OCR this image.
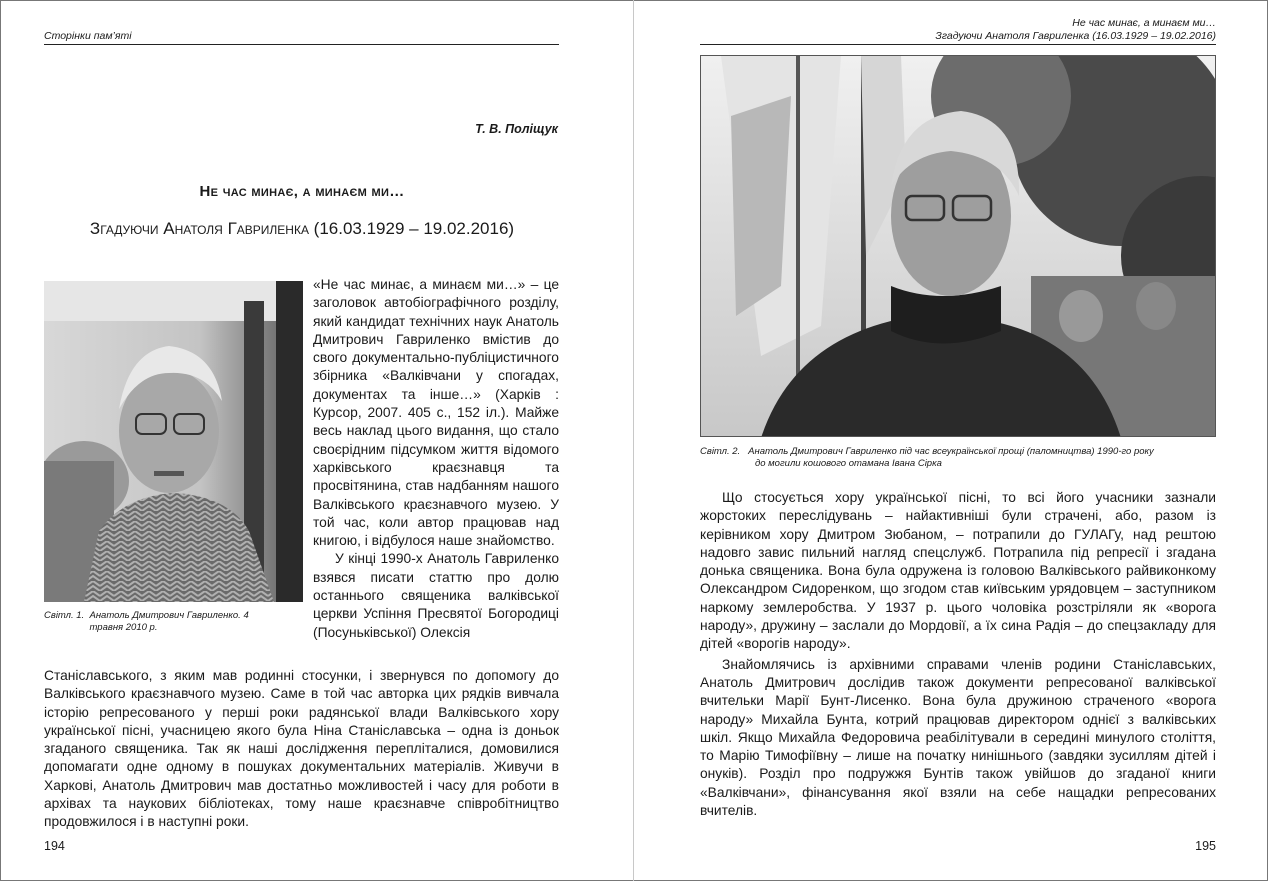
Сторінки пам’яті
Т. В. Поліщук
Не час минає, а минаєм ми…
Згадуючи Анатоля Гавриленка (16.03.1929 – 19.02.2016)
Світл. 1. Анатоль Дмитрович Гавриленко. 4 травня 2010 р.

«Не час минає, а минаєм ми…» – це заголовок автобіографічного розділу, який кандидат технічних наук Анатоль Дмитрович Гавриленко вмістив до свого документально-публіцистичного збірника «Валківчани у спогадах, документах та інше…» (Харків : Курсор, 2007. 405 с., 152 іл.). Майже весь наклад цього видання, що стало своєрідним підсумком життя відомого харківського краєзнавця та просвітянина, став надбанням нашого Валківського краєзнавчого музею. У той час, коли автор працював над книгою, і відбулося наше знайомство.

У кінці 1990-х Анатоль Гавриленко взявся писати статтю про долю останнього священика валківської церкви Успіння Пресвятої Богородиці (Посуньківської) Олексія

Станіславського, з яким мав родинні стосунки, і звернувся по допомогу до Валківського краєзнавчого музею. Саме в той час авторка цих рядків вивчала історію репресованого у перші роки радянської влади Валківського хору української пісні, учасницею якого була Ніна Станіславська – одна із доньок згаданого священика. Так як наші дослідження перепліталися, домовилися допомагати одне одному в пошуках документальних матеріалів. Живучи в Харкові, Анатоль Дмитрович мав достатньо можливостей і часу для роботи в архівах та наукових бібліотеках, тому наше краєзнавче співробітництво продовжилося і в наступні роки.

194
Не час минає, а минаєм ми…
Згадуючи Анатоля Гавриленка (16.03.1929 – 19.02.2016)
Світл. 2. Анатоль Дмитрович Гавриленко під час всеукраїнської прощі (паломництва) 1990-го року
до могили кошового отамана Івана Сірка

Що стосується хору української пісні, то всі його учасники зазнали жорстоких переслідувань – найактивніші були страчені, або, разом із керівником хору Дмитром Зюбаном, – потрапили до ГУЛАГу, над рештою надовго завис пильний нагляд спецслужб. Потрапила під репресії і згадана донька священика. Вона була одружена із головою Валківського райвиконкому Олександром Сидоренком, що згодом став київським урядовцем – заступником наркому землеробства. У 1937 р. цього чоловіка розстріляли як «ворога народу», дружину – заслали до Мордовії, а їх сина Радія – до спецзакладу для дітей «ворогів народу».

Знайомлячись із архівними справами членів родини Станіславських, Анатоль Дмитрович дослідив також документи репресованої валківської вчительки Марії Бунт-Лисенко. Вона була дружиною страченого «ворога народу» Михайла Бунта, котрий працював директором однієї з валківських шкіл. Якщо Михайла Федоровича реабілітували в середині минулого століття, то Марію Тимофіївну – лише на початку нинішнього (завдяки зусиллям дітей і онуків). Розділ про подружжя Бунтів також увійшов до згаданої книги «Валківчани», фінансування якої взяли на себе нащадки репресованих вчителів.

195
